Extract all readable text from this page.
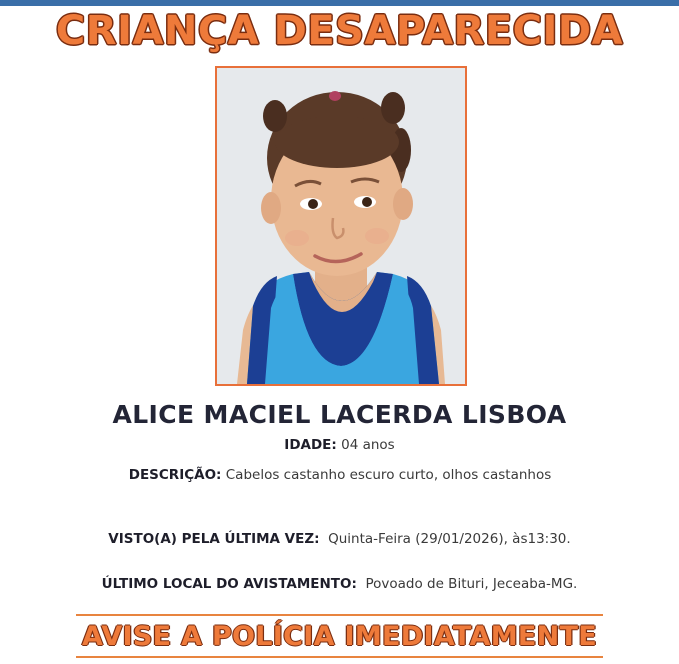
CRIANÇA DESAPARECIDA
ALICE MACIEL LACERDA LISBOA
IDADE: 04 anos
DESCRIÇÃO: Cabelos castanho escuro curto, olhos castanhos
VISTO(A) PELA ÚLTIMA VEZ: Quinta-Feira (29/01/2026), às13:30.
ÚLTIMO LOCAL DO AVISTAMENTO: Povoado de Bituri, Jeceaba-MG.
AVISE A POLÍCIA IMEDIATAMENTE
